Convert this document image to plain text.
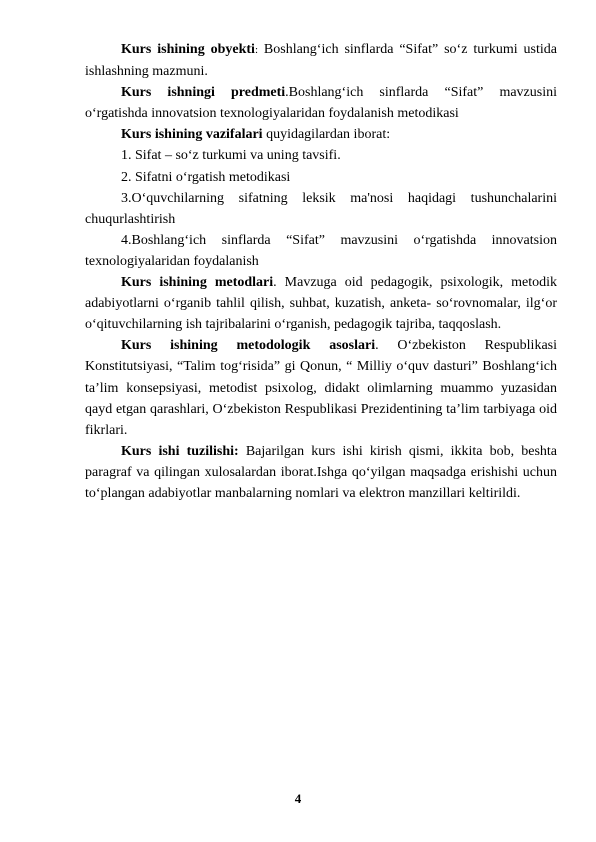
Kurs ishining obyekti: Boshlang‘ich sinflarda “Sifat” so‘z turkumi ustida ishlashning mazmuni.

Kurs ishningi predmeti.Boshlang‘ich sinflarda “Sifat” mavzusini o‘rgatishda innovatsion texnologiyalaridan foydalanish metodikasi

Kurs ishining vazifalari quyidagilardan iborat:

1. Sifat – so‘z turkumi va uning tavsifi.

2. Sifatni o‘rgatish metodikasi

3.O‘quvchilarning sifatning leksik ma'nosi haqidagi tushunchalarini chuqurlashtirish

4.Boshlang‘ich sinflarda “Sifat” mavzusini o‘rgatishda innovatsion texnologiyalaridan foydalanish

Kurs ishining metodlari. Mavzuga oid pedagogik, psixologik, metodik adabiyotlarni o‘rganib tahlil qilish, suhbat, kuzatish, anketa- so‘rovnomalar, ilg‘or o‘qituvchilarning ish tajribalarini o‘rganish, pedagogik tajriba, taqqoslash.

Kurs ishining metodologik asoslari. O‘zbekiston Respublikasi Konstitutsiyasi, “Talim tog‘risida” gi Qonun, “ Milliy o‘quv dasturi” Boshlang‘ich ta’lim konsepsiyasi, metodist psixolog, didakt olimlarning muammo yuzasidan qayd etgan qarashlari, O‘zbekiston Respublikasi Prezidentining ta’lim tarbiyaga oid fikrlari.

Kurs ishi tuzilishi: Bajarilgan kurs ishi kirish qismi, ikkita bob, beshta paragraf va qilingan xulosalardan iborat.Ishga qo‘yilgan maqsadga erishishi uchun to‘plangan adabiyotlar manbalarning nomlari va elektron manzillari keltirildi.

4
